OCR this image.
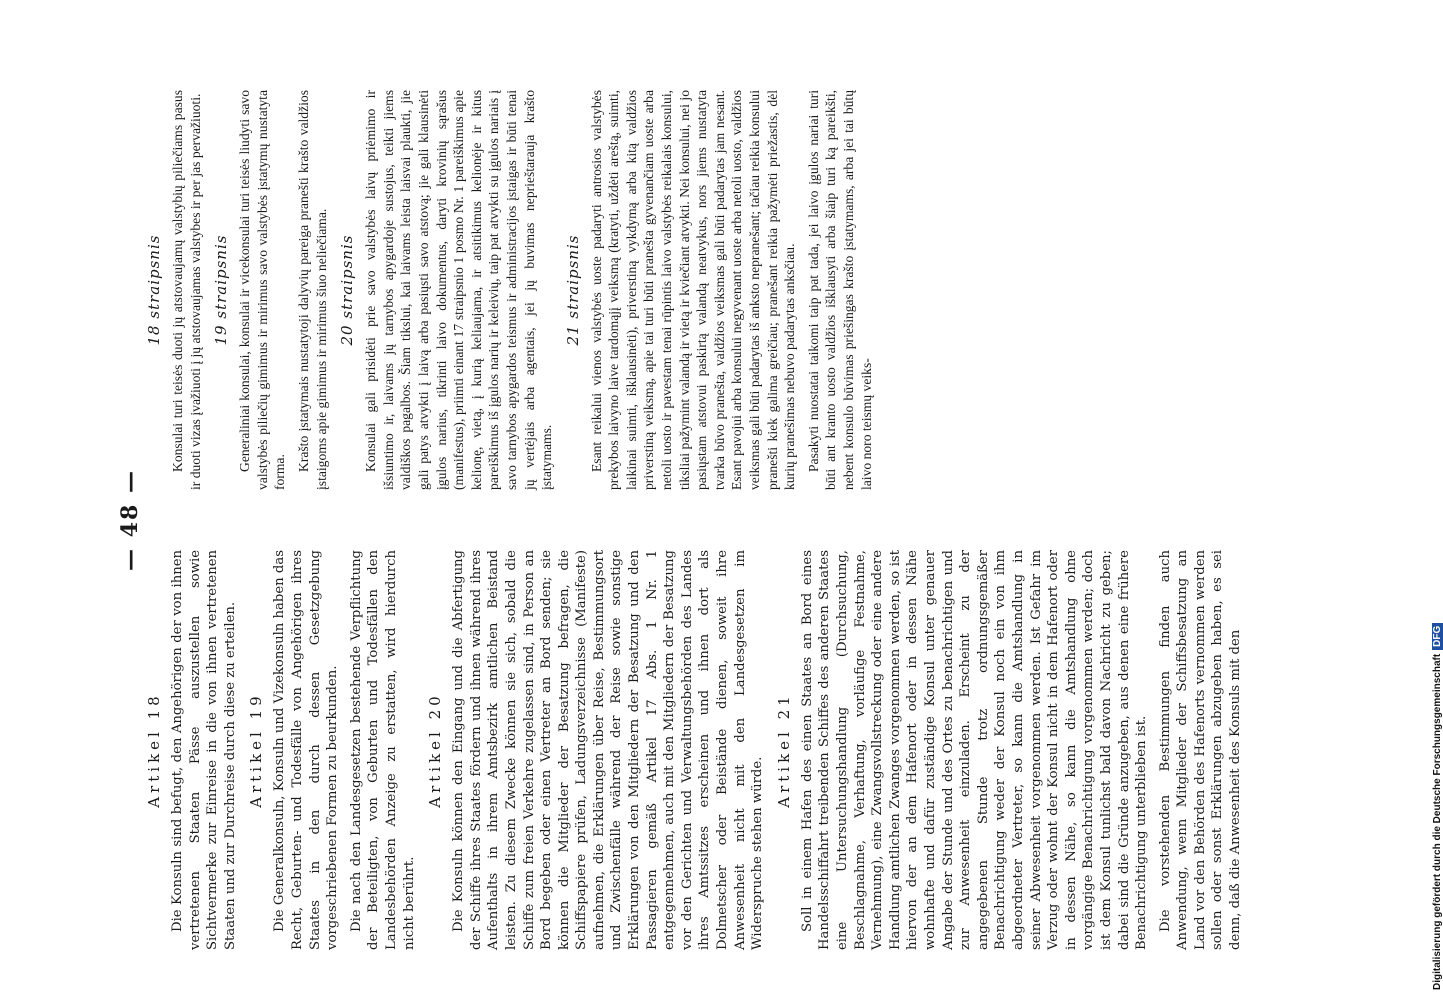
— 48 —
Artikel 18 Die Konsuln sind befugt, den Angehörigen der von ihnen vertretenen Staaten Pässe auszustellen sowie Sichtvermerke zur Einreise in die von ihnen vertretenen Staaten und zur Durchreise durch diese zu erteilen. Artikel 19 Die Generalkonsuln, Konsuln und Vizekonsuln haben das Recht, Geburten- und Todesfälle von Angehörigen ihres Staates in den durch dessen Gesetzgebung vorgeschriebenen Formen zu beurkunden. Die nach den Landesgesetzen bestehende Verpflichtung der Beteiligten, von Geburten und Todesfällen den Landesbehörden Anzeige zu erstatten, wird hierdurch nicht berührt.

Artikel 20 Die Konsuln können den Eingang und die Abfertigung der Schiffe ihres Staates fördern und ihnen während ihres Aufenthalts in ihrem Amtsbezirk amtlichen Beistand leisten. Zu diesem Zwecke können sie sich, sobald die Schiffe zum freien Verkehre zugelassen sind, in Person an Bord begeben oder einen Vertreter an Bord senden; sie können die Mitglieder der Besatzung befragen, die Schiffspapiere prüfen, Ladungsverzeichnisse (Manifeste) aufnehmen, die Erklärungen über Reise, Bestimmungsort und Zwischenfälle während der Reise sowie sonstige Erklärungen von den Mitgliedern der Besatzung und den Passagieren gemäß Artikel 17 Abs. 1 Nr. 1 entgegennehmen, auch mit den Mitgliedern der Besatzung vor den Gerichten und Verwaltungsbehörden des Landes ihres Amtssitzes erscheinen und ihnen dort als Dolmetscher oder Beistände dienen, soweit ihre Anwesenheit nicht mit den Landesgesetzen im Widerspruche stehen würde.

Artikel 21 Soll in einem Hafen des einen Staates an Bord eines Handelsschiffahrt treibenden Schiffes des anderen Staates eine Untersuchungshandlung (Durchsuchung, Beschlagnahme, Verhaftung, vorläufige Festnahme, Vernehmung), eine Zwangsvollstreckung oder eine andere Handlung amtlichen Zwanges vorgenommen werden, so ist hiervon der an dem Hafenort oder in dessen Nähe wohnhafte und dafür zuständige Konsul unter genauer Angabe der Stunde und des Ortes zu benachrichtigen und zur Anwesenheit einzuladen. Erscheint zu der angegebenen Stunde trotz ordnungsgemäßer Benachrichtigung weder der Konsul noch ein von ihm abgeordneter Vertreter, so kann die Amtshandlung in seiner Abwesenheit vorgenommen werden. Ist Gefahr im Verzug oder wohnt der Konsul nicht in dem Hafenort oder in dessen Nähe, so kann die Amtshandlung ohne vorgängige Benachrichtigung vorgenommen werden; doch ist dem Konsul tunlichst bald davon Nachricht zu geben; dabei sind die Gründe anzugeben, aus denen eine frühere Benachrichtigung unterblieben ist. Die vorstehenden Bestimmungen finden auch Anwendung, wenn Mitglieder der Schiffsbesatzung an Land vor den Behörden des Hafenorts vernommen werden sollen oder sonst Erklärungen abzugeben haben, es sei denn, daß die Anwesenheit des Konsuls mit den

18 straipsnis Konsulai turi teisės duoti jų atstovaujamų valstybių piliečiams pasus ir duoti vizas įvažiuoti į jų atstovaujamas valstybes ir per jas pervažiuoti. 19 straipsnis Generaliniai konsulai, konsulai ir vicekonsulai turi teisės liudyti savo valstybės piliečių gimimus ir mirimus savo valstybės įstatymų nustatyta forma.

Krašto įstatymais nustatytoji dalyvių pareiga pranešti krašto valdžios įstaigoms apie gimimus ir mirimus šiuo neliečiama. 20 straipsnis Konsulai gali prisidėti prie savo valstybės laivų priėmimo ir išsiuntimo ir, laivams jų tarnybos apygardoje sustojus, teikti jiems valdiškos pagalbos. Šiam tikslui, kai laivams leista laisvai plaukti, jie gali patys atvykti į laivą arba pasiųsti savo atstovą; jie gali klausinėti įgulos narius, tikrinti laivo dokumentus, daryti krovinių sąrašus (manifestus), priimti einant 17 straipsnio 1 posmo Nr. 1 pareiškimus apie kelionę, vietą, į kurią keliaujama, ir atsitikimus kelionėje ir kitus pareiškimus iš įgulos narių ir keleivių, taip pat atvykti su įgulos nariais į savo tarnybos apygardos teismus ir administracijos įstaigas ir būti tenai jų vertėjais arba agentais, jei jų buvimas neprieštarauja krašto įstatymams.

21 straipsnis Esant reikalui vienos valstybės uoste padaryti antrosios valstybės prekybos laivyno laive tardomąjį veiksmą (kratyti, uždėti areštą, suimti, laikinai suimti, išklausinėti), priverstiną vykdymą arba kitą valdžios priverstiną veiksmą, apie tai turi būti pranešta gyvenančiam uoste arba netoli uosto ir pavestam tenai rūpintis laivo valstybės reikalais konsului, tiksliai pažymint valandą ir vietą ir kviečiant atvykti. Nei konsului, nei jo pasiųstam atstovui paskirtą valandą neatvykus, nors jiems nustatyta tvarka būvo pranešta, valdžios veiksmas gali būti padarytas jam nesant. Esant pavojui arba konsului negyvenant uoste arba netoli uosto, valdžios veiksmas gali būti padarytas iš anksto nepranešant; tačiau reikia konsului pranešti kiek galima greičiau; pranešant reikia pažymėti priežastis, dėl kurių pranešimas nebuvo padarytas anksčiau. Pasakyti nuostatai taikomi taip pat tada, jei laivo įgulos nariai turi būti ant kranto uosto valdžios išklausyti arba šiaip turi ką pareikšti, nebent konsulo būvimas priešingas krašto įstatymams, arba jei tai būtų laivo noro teismų veiks-

Digitalisierung gefördert durch die Deutsche ForschungsgemeinschaftDFG
